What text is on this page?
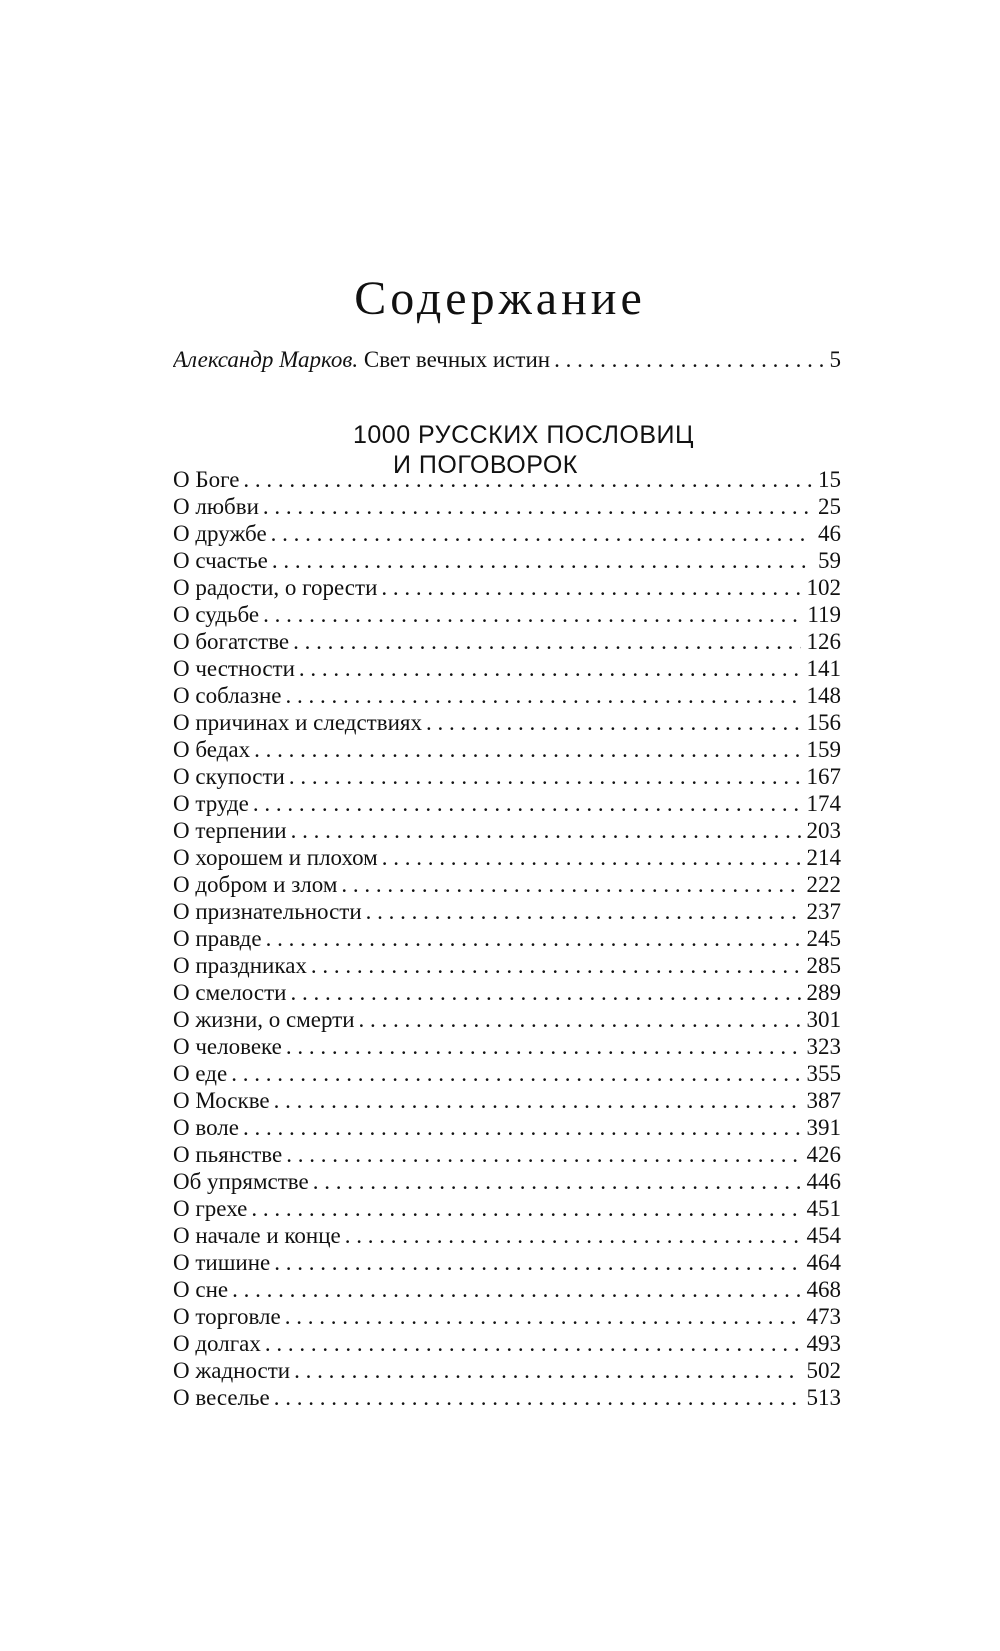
Содержание
Александр Марков. Свет вечных истин . . .	5
1000 РУССКИХ ПОСЛОВИЦ
И ПОГОВОРОК
О Боге . . .	15
О любви . . .	25
О дружбе . . .	46
О счастье . . .	59
О радости, о горести . . .	102
О судьбе . . .	119
О богатстве . . .	126
О честности . . .	141
О соблазне . . .	148
О причинах и следствиях . . .	156
О бедах . . .	159
О скупости . . .	167
О труде . . .	174
О терпении . . .	203
О хорошем и плохом . . .	214
О добром и злом . . .	222
О признательности . . .	237
О правде . . .	245
О праздниках . . .	285
О смелости . . .	289
О жизни, о смерти . . .	301
О человеке . . .	323
О еде . . .	355
О Москве . . .	387
О воле . . .	391
О пьянстве . . .	426
Об упрямстве . . .	446
О грехе . . .	451
О начале и конце . . .	454
О тишине . . .	464
О сне . . .	468
О торговле . . .	473
О долгах . . .	493
О жадности . . .	502
О веселье . . .	513
